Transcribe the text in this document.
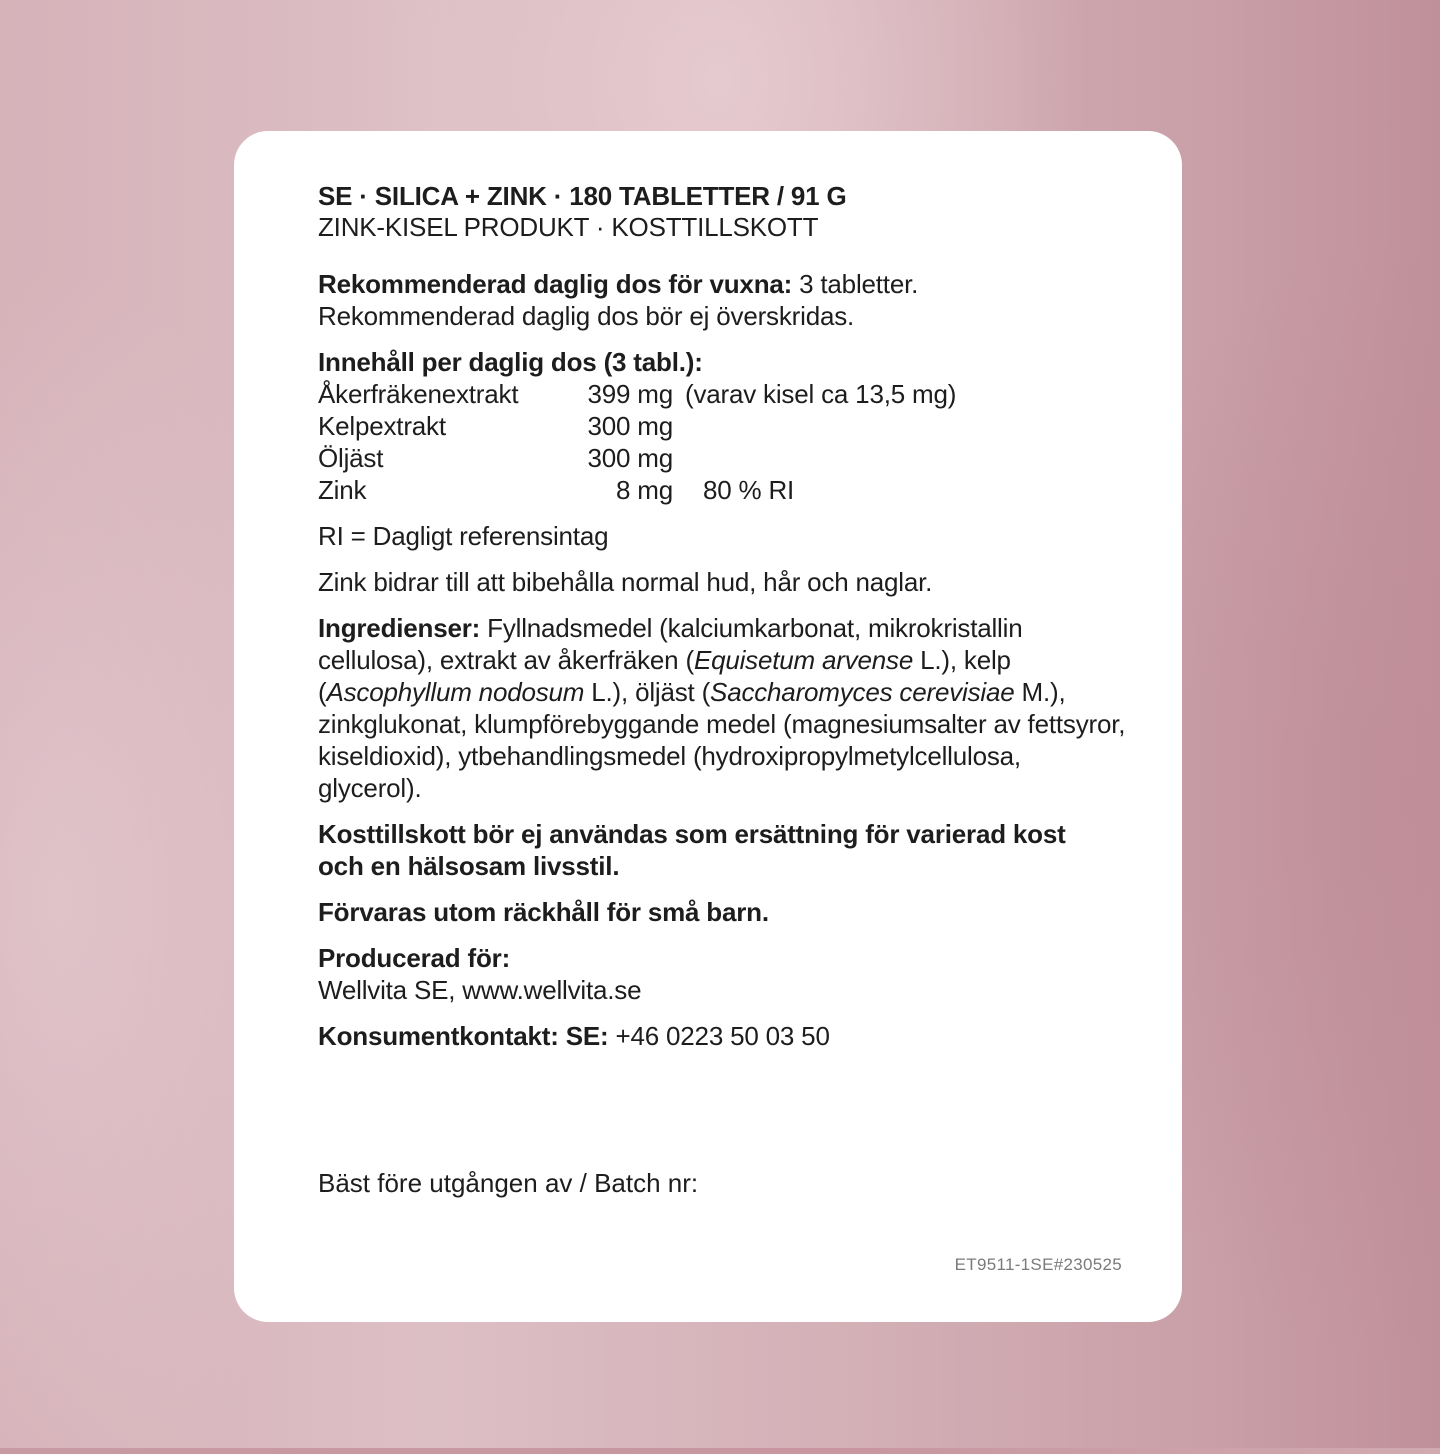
SE · SILICA + ZINK · 180 TABLETTER / 91 G
ZINK-KISEL PRODUKT · KOSTTILLSKOTT
Rekommenderad daglig dos för vuxna: 3 tabletter.
Rekommenderad daglig dos bör ej överskridas.
Innehåll per daglig dos (3 tabl.):
Åkerfräkenextrakt	399 mg	(varav kisel ca 13,5 mg)
Kelpextrakt	300 mg	
Öljäst	300 mg	
Zink	8 mg	80 % RI
RI = Dagligt referensintag
Zink bidrar till att bibehålla normal hud, hår och naglar.
Ingredienser: Fyllnadsmedel (kalciumkarbonat, mikrokristallin cellulosa), extrakt av åkerfräken (Equisetum arvense L.), kelp (Ascophyllum nodosum L.), öljäst (Saccharomyces cerevisiae M.), zinkglukonat, klumpförebyggande medel (magnesiumsalter av fettsyror, kiseldioxid), ytbehandlingsmedel (hydroxipropylmetylcellulosa, glycerol).
Kosttillskott bör ej användas som ersättning för varierad kost och en hälsosam livsstil.
Förvaras utom räckhåll för små barn.
Producerad för:
Wellvita SE, www.wellvita.se
Konsumentkontakt: SE: +46 0223 50 03 50
Bäst före utgången av / Batch nr:
ET9511-1SE#230525
